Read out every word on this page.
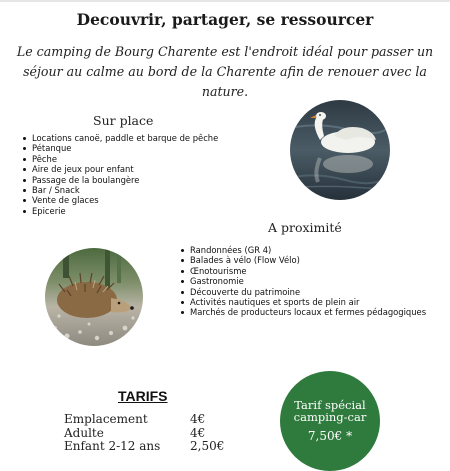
Decouvrir, partager, se ressourcer
Le camping de Bourg Charente est l'endroit idéal pour passer un séjour au calme au bord de la Charente afin de renouer avec la nature.
Sur place
Locations canoë, paddle et barque de pêche
Pétanque
Pêche
Aire de jeux pour enfant
Passage de la boulangère
Bar / Snack
Vente de glaces
Epicerie
A proximité
Randonnées (GR 4)
Balades à vélo (Flow Vélo)
Œnotourisme
Gastronomie
Découverte du patrimoine
Activités nautiques et sports de plein air
Marchés de producteurs locaux et fermes pédagogiques
TARIFS
Emplacement	4€
Adulte	4€
Enfant 2-12 ans	2,50€
Tarif spécial
camping-car
7,50€ *
